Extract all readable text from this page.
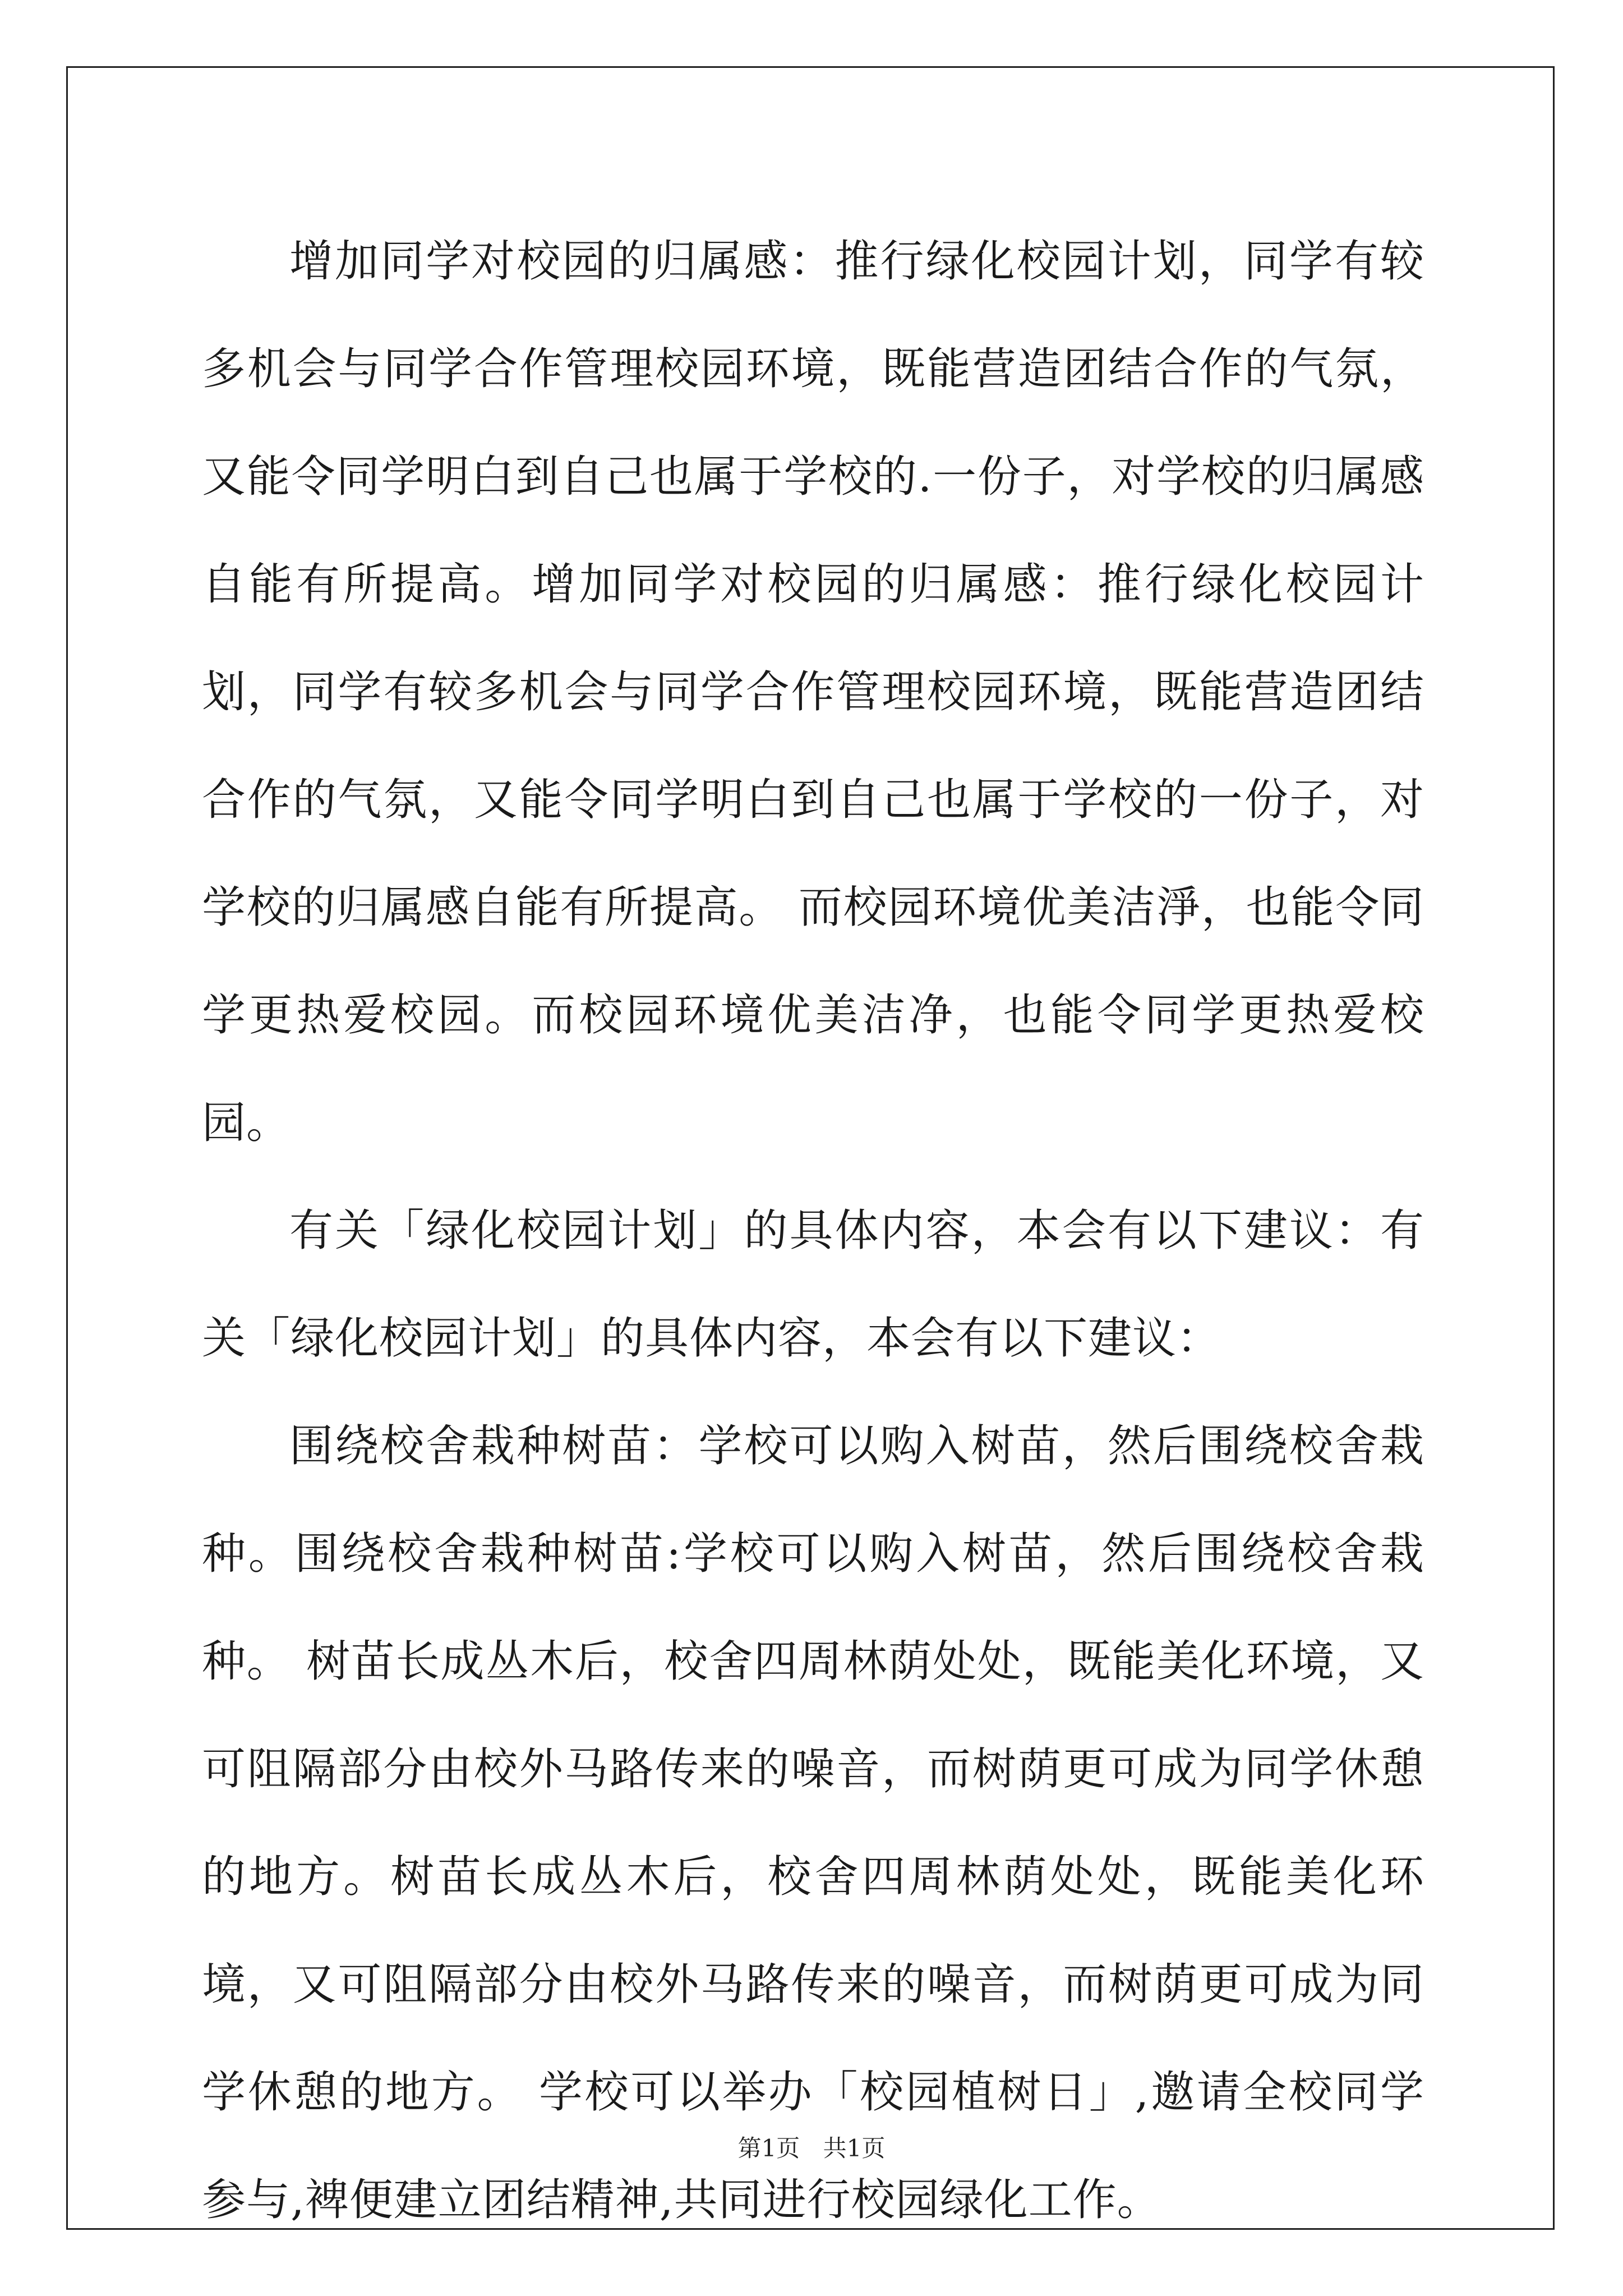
增加同学对校园的归属感：推行绿化校园计划，同学有较多机会与同学合作管理校园环境，既能营造团结合作的气氛，又能令同学明白到自己也属于学校的.一份子，对学校的归属感自能有所提高。增加同学对校园的归属感：推行绿化校园计划，同学有较多机会与同学合作管理校园环境，既能营造团结合作的气氛，又能令同学明白到自己也属于学校的一份子，对学校的归属感自能有所提高。 而校园环境优美洁淨，也能令同学更热爱校园。而校园环境优美洁净，也能令同学更热爱校园。

有关「绿化校园计划」的具体内容，本会有以下建议：有关「绿化校园计划」的具体内容，本会有以下建议：

围绕校舍栽种树苗：学校可以购入树苗，然后围绕校舍栽种。围绕校舍栽种树苗:学校可以购入树苗，然后围绕校舍栽种。 树苗长成丛木后，校舍四周林荫处处，既能美化环境，又可阻隔部分由校外马路传来的噪音，而树荫更可成为同学休憩的地方。树苗长成丛木后，校舍四周林荫处处，既能美化环境，又可阻隔部分由校外马路传来的噪音，而树荫更可成为同学休憩的地方。 学校可以举办「校园植树日」,邀请全校同学参与,裨便建立团结精神,共同进行校园绿化工作。

第1页 共1页
